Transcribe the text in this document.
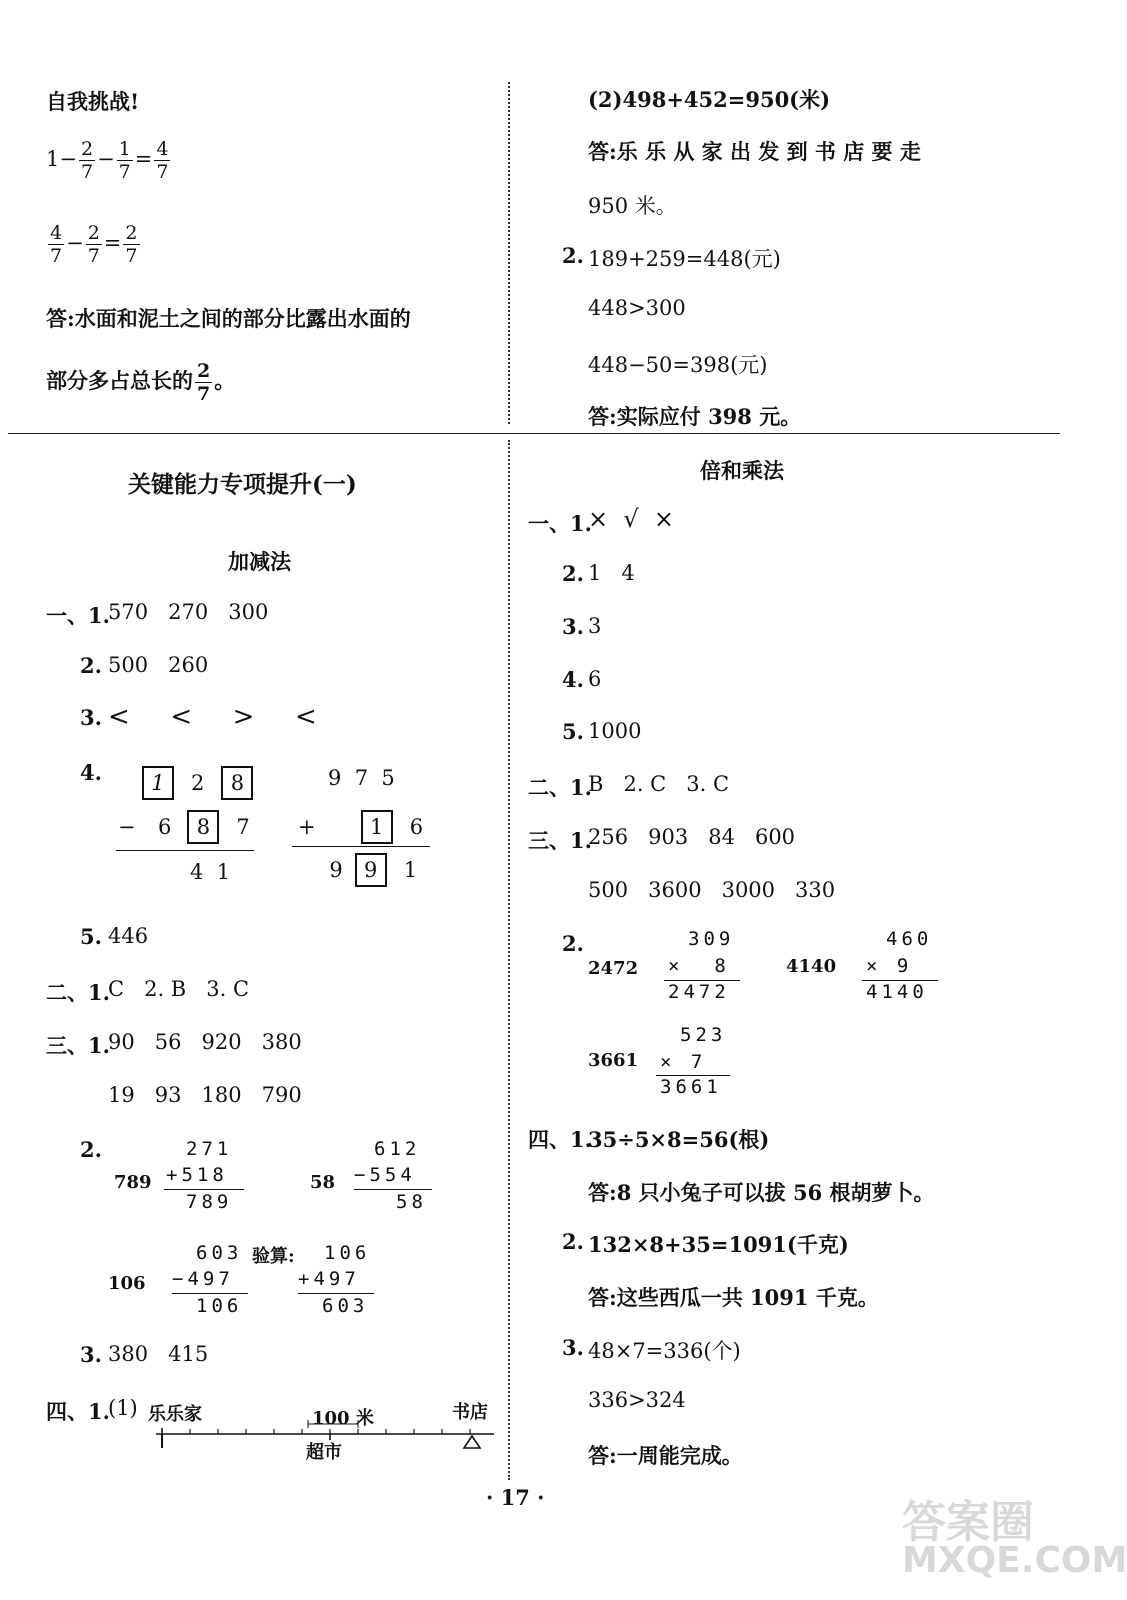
自我挑战!
$1- \frac{2}{7} - \frac{1}{7} = \frac{4}{7}$
$\frac{4}{7} - \frac{2}{7} = \frac{2}{7}$
答:水面和泥土之间的部分比露出水面的
部分多占总长的 $\frac{2}{7}$ 。
(2)498+452=950(米)
答:乐 乐 从 家 出 发 到 书 店 要 走
950 米。
2. 189+259=448(元)
448>300
448−50=398(元)
答:实际应付 398 元。
关键能力专项提升(一)
加减法
一、1.
570   270   300
2. 500   260
3. <  <  >  <
4.	1 2 8
− 6 8 7
4  1
9  7  5
+	1 6
9 9 1
5. 446
二、1.
C   2. B   3. C
三、1.
90   56   920   380
19   93   180   790
2.
789
271
+518
789
58
612
−554
58
106
603
−497
106
验算: 106
+497
603
3. 380   415
四、1.
(1) 乐乐家	100 米	书店
超市
倍和乘法
一、1.
×  √  ×
2. 1   4
3. 3
4. 6
5. 1000
二、1.
B   2. C   3. C
三、1.
256   903   84   600
500   3600   3000   330
2.
2472
309
×  8
2472
4140
460
× 9
4140
3661
523
× 7
3661
四、1.
35÷5×8=56(根)
答:8 只小兔子可以拔 56 根胡萝卜。
2. 132×8+35=1091(千克)
答:这些西瓜一共 1091 千克。
3. 48×7=336(个)
336>324
答:一周能完成。
· 17 ·	答案圈
MXQE.COM
